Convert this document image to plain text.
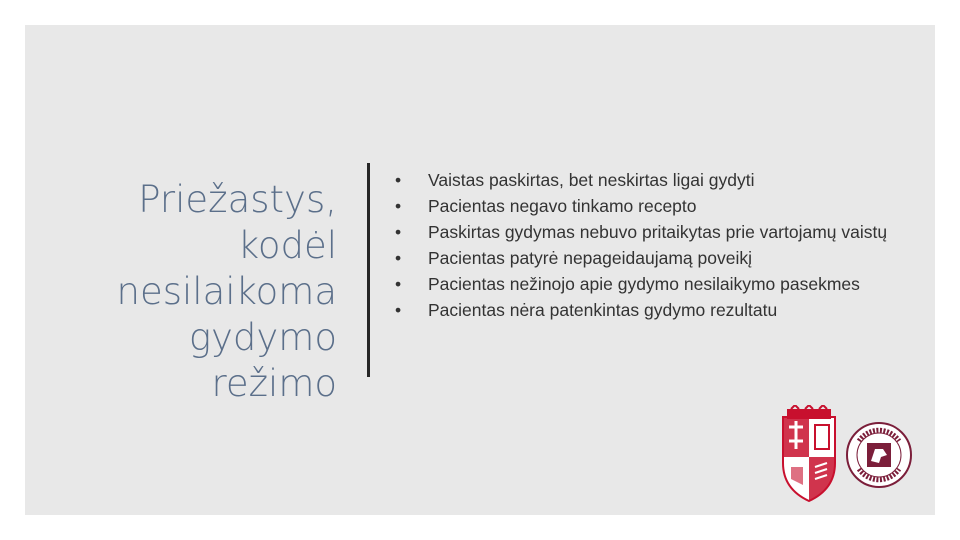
Priežastys,
kodėl
nesilaikoma
gydymo
režimo
• Vaistas paskirtas, bet neskirtas ligai gydyti
• Pacientas negavo tinkamo recepto
• Paskirtas gydymas nebuvo pritaikytas prie vartojamų vaistų
• Pacientas patyrė nepageidaujamą poveikį
• Pacientas nežinojo apie gydymo nesilaikymo pasekmes
• Pacientas nėra patenkintas gydymo rezultatu
